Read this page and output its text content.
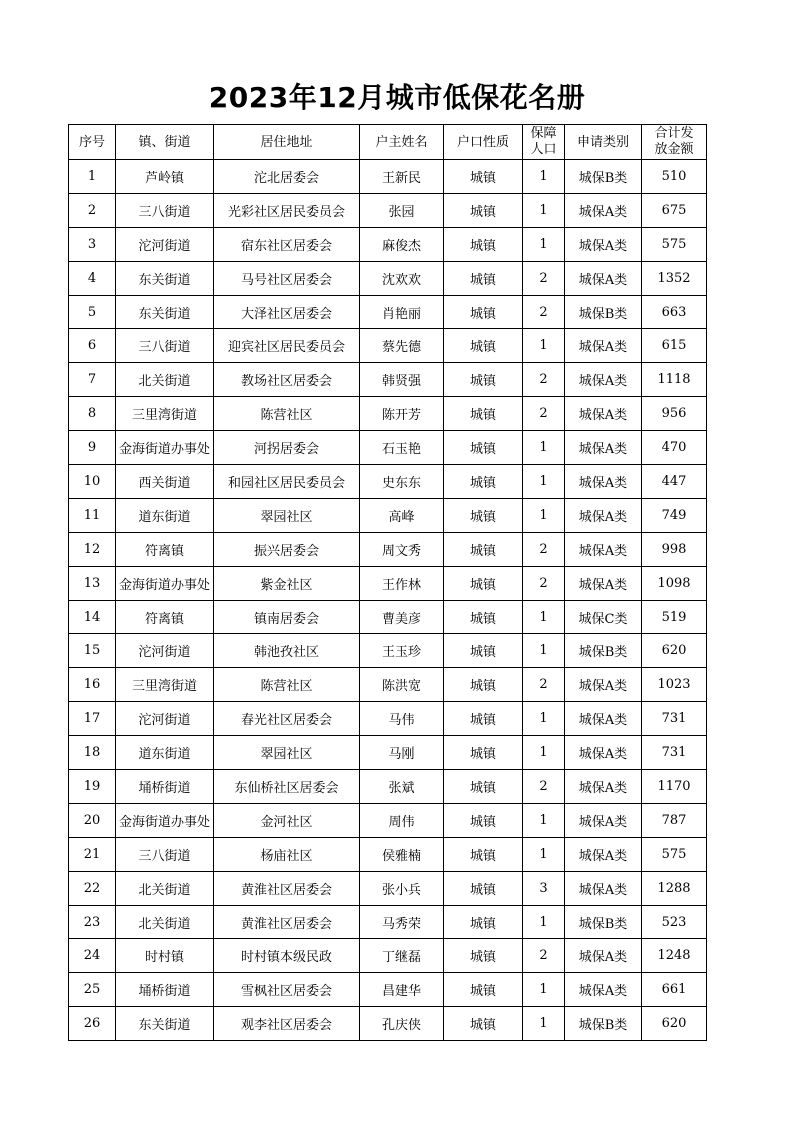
2023年12月城市低保花名册
序号	镇、街道	居住地址	户主姓名	户口性质	保障人口	申请类别	合计发放金额
1	芦岭镇	沱北居委会	王新民	城镇	1	城保B类	510
2	三八街道	光彩社区居民委员会	张园	城镇	1	城保A类	675
3	沱河街道	宿东社区居委会	麻俊杰	城镇	1	城保A类	575
4	东关街道	马号社区居委会	沈欢欢	城镇	2	城保A类	1352
5	东关街道	大泽社区居委会	肖艳丽	城镇	2	城保B类	663
6	三八街道	迎宾社区居民委员会	蔡先德	城镇	1	城保A类	615
7	北关街道	教场社区居委会	韩贤强	城镇	2	城保A类	1118
8	三里湾街道	陈营社区	陈开芳	城镇	2	城保A类	956
9	金海街道办事处	河拐居委会	石玉艳	城镇	1	城保A类	470
10	西关街道	和园社区居民委员会	史东东	城镇	1	城保A类	447
11	道东街道	翠园社区	高峰	城镇	1	城保A类	749
12	符离镇	振兴居委会	周文秀	城镇	2	城保A类	998
13	金海街道办事处	紫金社区	王作林	城镇	2	城保A类	1098
14	符离镇	镇南居委会	曹美彦	城镇	1	城保C类	519
15	沱河街道	韩池孜社区	王玉珍	城镇	1	城保B类	620
16	三里湾街道	陈营社区	陈洪宽	城镇	2	城保A类	1023
17	沱河街道	春光社区居委会	马伟	城镇	1	城保A类	731
18	道东街道	翠园社区	马刚	城镇	1	城保A类	731
19	埇桥街道	东仙桥社区居委会	张斌	城镇	2	城保A类	1170
20	金海街道办事处	金河社区	周伟	城镇	1	城保A类	787
21	三八街道	杨庙社区	侯雅楠	城镇	1	城保A类	575
22	北关街道	黄淮社区居委会	张小兵	城镇	3	城保A类	1288
23	北关街道	黄淮社区居委会	马秀荣	城镇	1	城保B类	523
24	时村镇	时村镇本级民政	丁继磊	城镇	2	城保A类	1248
25	埇桥街道	雪枫社区居委会	昌建华	城镇	1	城保A类	661
26	东关街道	观李社区居委会	孔庆侠	城镇	1	城保B类	620
